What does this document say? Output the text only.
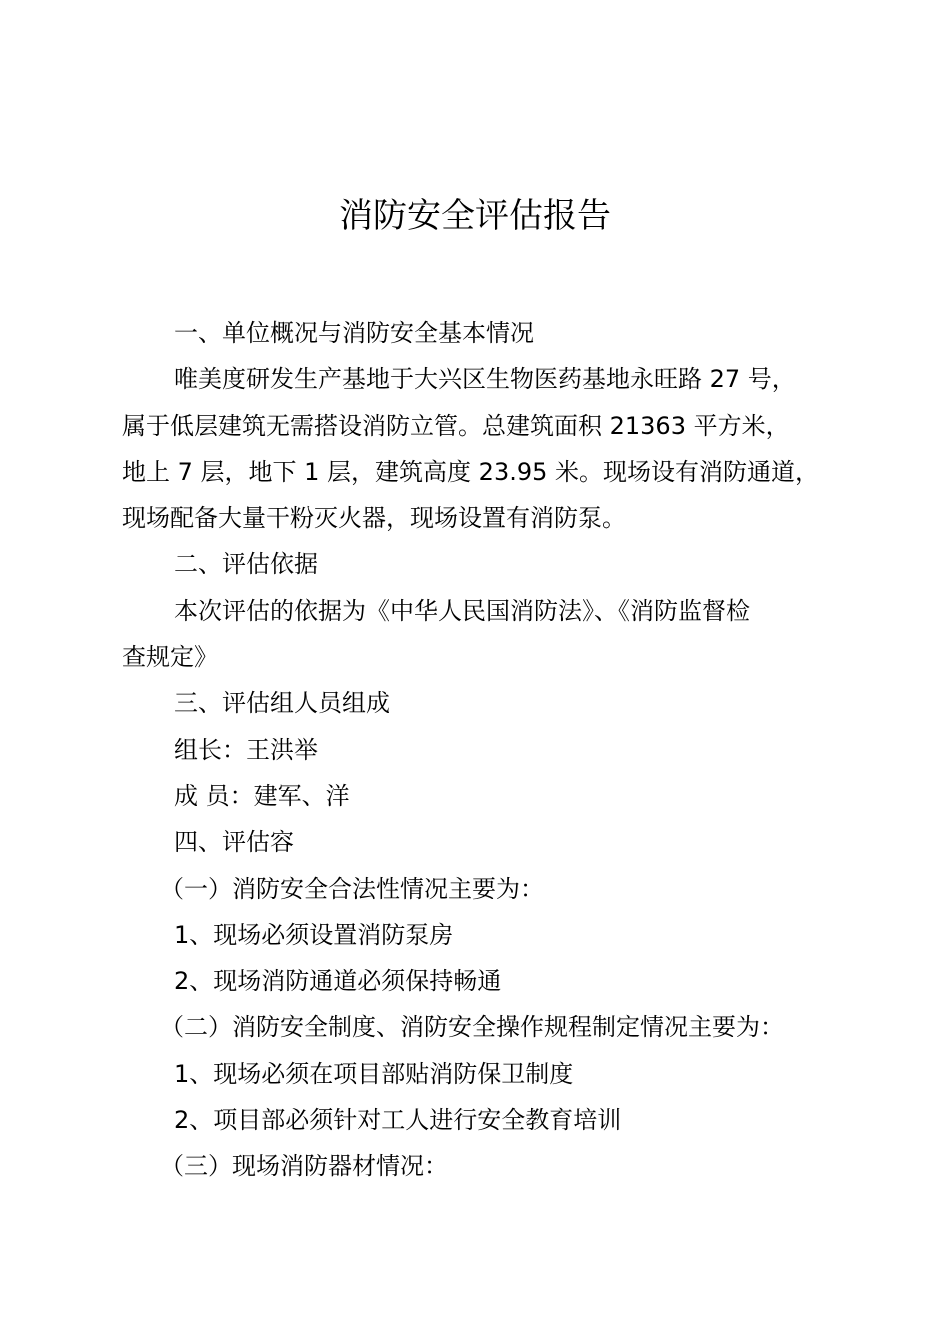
消防安全评估报告

一、单位概况与消防安全基本情况

唯美度研发生产基地于大兴区生物医药基地永旺路 27 号，

属于低层建筑无需搭设消防立管。总建筑面积 21363 平方米，

地上 7 层，地下 1 层，建筑高度 23.95 米。现场设有消防通道，

现场配备大量干粉灭火器，现场设置有消防泵。

二、评估依据

本次评估的依据为《中华人民国消防法》、《消防监督检

查规定》

三、评估组人员组成

组长：王洪举

成 员：建军、洋

四、评估容

（一）消防安全合法性情况主要为：

1、现场必须设置消防泵房

2、现场消防通道必须保持畅通

（二）消防安全制度、消防安全操作规程制定情况主要为：

1、现场必须在项目部贴消防保卫制度

2、项目部必须针对工人进行安全教育培训

（三）现场消防器材情况：
